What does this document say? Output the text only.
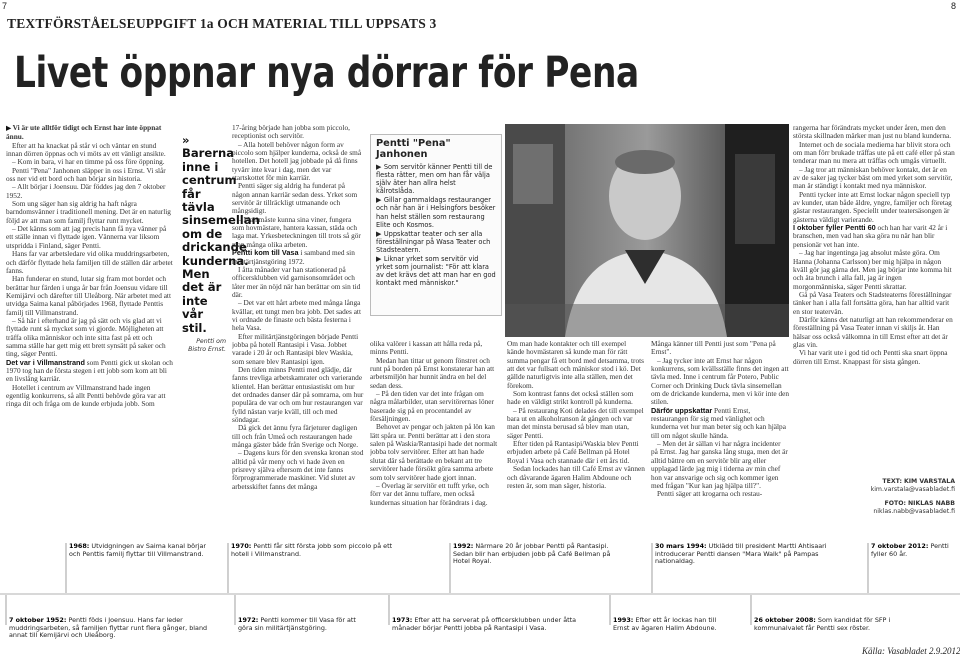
7	8
TEXTFÖRSTÅELSEUPPGIFT 1a OCH MATERIAL TILL UPPSATS 3
Livet öppnar nya dörrar för Pena

▶ Vi är ute alltför tidigt och Ernst har inte öppnat ännu.

Efter att ha knackat på står vi och väntar en stund innan dörren öppnas och vi möts av ett vänligt ansikte.

– Kom in bara, vi har en timme på oss före öppning.

Pentti "Pena" Janhonen släpper in oss i Ernst. Vi slår oss ner vid ett bord och han börjar sin historia.

– Allt börjar i Joensuu. Där föddes jag den 7 oktober 1952.

Som ung säger han sig aldrig ha haft några barndomsvänner i traditionell mening. Det är en naturlig följd av att man som familj flyttar runt mycket.

– Det känns som att jag precis hann få nya vänner på ett ställe innan vi flyttade igen. Vännerna var liksom utspridda i Finland, säger Pentti.

Hans far var arbetsledare vid olika muddringsarbeten, och därför flyttade hela familjen till de ställen där arbetet fanns.

Han funderar en stund, lutar sig fram mot bordet och berättar hur färden i unga år bar från Joensuu vidare till Kemijärvi och därefter till Uleåborg. När arbetet med att utvidga Saima kanal påbörjades 1968, flyttade Penttis familj till Villmanstrand.

– Så här i efterhand är jag på sätt och vis glad att vi flyttade runt så mycket som vi gjorde. Möjligheten att träffa olika människor och inte sitta fast på ett och samma ställe har gett mig ett brett synsätt på saker och ting, säger Pentti.

Det var i Villmanstrand som Pentti gick ut skolan och 1970 tog han de första stegen i ett jobb som kom att bli en livslång karriär.

Hotellet i centrum av Villmanstrand hade ingen egentlig konkurrens, så allt Pentti behövde göra var att ringa dit och fråga om de kunde erbjuda jobb. Som

» Barerna inne i centrum får tävla sinsemellan om de drickande kunderna. Men det är inte vår stil.
Pentti om Bistro Ernst.

17-åring började han jobba som piccolo, receptionist och servitör.

– Alla hotell behöver någon form av piccolo som hjälper kunderna, också de små hotellen. Det hotell jag jobbade på då finns tyvärr inte kvar i dag, men det var startskottet för min karriär.

Pentti säger sig aldrig ha funderat på någon annan karriär sedan dess. Yrket som servitör är tillräckligt utmanande och mångsidigt.

– Man måste kunna sina viner, fungera som hovmästare, hantera kassan, städa och laga mat. Yrkesbeteckningen till trots så gör man många olika arbeten.

Pentti kom till Vasa i samband med sin militärtjänstgöring 1972.

I åtta månader var han stationerad på officersklubben vid garnisonsområdet och låter mer än nöjd när han berättar om sin tid där.

– Det var ett hårt arbete med många långa kvällar, ett tungt men bra jobb. Det sades att vi ordnade de finaste och bästa festerna i hela Vasa.

Efter militärtjänstgöringen började Pentti jobba på hotell Rantasipi i Vasa. Jobbet varade i 20 år och Rantasipi blev Waskia, som senare blev Rantasipi igen.

Den tiden minns Pentti med glädje, där fanns trevliga arbetskamrater och varierande klientel. Han berättar entusiastiskt om hur det ordnades danser där på somrarna, om hur populära de var och om hur restaurangen var fylld nästan varje kväll, till och med söndagar.

Då gick det ännu fyra färjeturer dagligen till och från Umeå och restaurangen hade många gäster både från Sverige och Norge.

– Dagens kurs för den svenska kronan stod alltid på vår meny och vi hade även en prisrevy själva eftersom det inte fanns förprogrammerade maskiner. Vid slutet av arbetsskiftet fanns det många

Pentti "Pena" Janhonen
▶ Som servitör känner Pentti till de flesta rätter, men om han får välja själv äter han allra helst kålrotslåda.
▶ Gillar gammaldags restauranger och när han är i Helsingfors besöker han helst ställen som restaurang Elite och Kosmos.
▶ Uppskattar teater och ser alla föreställningar på Wasa Teater och Stadsteatern.
▶ Liknar yrket som servitör vid yrket som journalist: "För att klara av det krävs det att man har en god kontakt med människor."

olika valörer i kassan att hålla reda på, minns Pentti.

Medan han tittar ut genom fönstret och runt på borden på Ernst konstaterar han att arbetsmiljön har hunnit ändra en hel del sedan dess.

– På den tiden var det inte frågan om några målarbilder, utan servitörernas löner baserade sig på en procentandel av försäljningen.

Behovet av pengar och jakten på lön kan lätt spåra ur. Pentti berättar att i den stora salen på Waskia/Rantasipi hade det normalt jobba tolv servitörer. Efter att han hade slutat där så berättade en bekant att tre servitörer hade försökt göra samma arbete som tolv servitörer hade gjort innan.

– Överlag är servitör ett tufft yrke, och förr var det ännu tuffare, men också kundernas situation har förändrats i dag.

Om man hade kontakter och till exempel kände hovmästaren så kunde man för rätt summa pengar få ett bord med detsamma, trots att det var fullsatt och mäniskor stod i kö. Det gällde naturligtvis inte alla ställen, men det förekom.

Som kontrast fanns det också ställen som hade en väldigt strikt kontroll på kunderna.

– På restaurang Koti delades det till exempel bara ut en alkoholranson åt gången och var man det minsta berusad så blev man utan, säger Pentti.

Efter tiden på Rantasipi/Waskia blev Pentti erbjuden arbete på Café Bellman på Hotel Royal i Vasa och stannade där i ett års tid.

Sedan lockades han till Café Ernst av vännen och dåvarande ägaren Halim Abdoune och resten är, som man säger, historia.

Många känner till Pentti just som "Pena på Ernst".

– Jag tycker inte att Ernst har någon konkurrens, som kvällsställe finns det ingen att tävla med. Inne i centrum får Potero, Public Corner och Drinking Duck tävla sinsemellan om de drickande kunderna, men vi kör inte den stilen.

Därför uppskattar Pentti Ernst, restaurangen för sig med vänlighet och kunderna vet hur man beter sig och kan hjälpa till om något skulle hända.

– Men det är sällan vi har några incidenter på Ernst. Jag har ganska lång stuga, men det är alltid bättre om en servitör blir arg eller upplagad lärde jag mig i tiderna av min chef hon var ansvarige och sig och kommer igen med frågan "Kur kan jag hjälpa till?".

Pentti säger att krogarna och restau-

rangerna har förändrats mycket under åren, men den största skillnaden märker man just nu bland kunderna.

Internet och de sociala medierna har blivit stora och om man förr brukade träffas ute på ett café eller på stan tenderar man nu mera att träffas och umgås virtuellt.

– Jag tror att människan behöver kontakt, det är en av de saker jag tycker bäst om med yrket som servitör, man är ständigt i kontakt med nya människor.

Pentti tycker inte att Ernst lockar någon speciell typ av kunder, utan både äldre, yngre, familjer och företag gästar restaurangen. Speciellt under teatersäsongen är gästerna väldigt varierande.

I oktober fyller Pentti 60 och han har varit 42 år i branschen, men vad han ska göra nu när han blir pensionär vet han inte.

– Jag har ingentinga jag absolut måste göra. Om Hanna (Johanna Carlsson) ber mig hjälpa in någon kväll gör jag gärna det. Men jag börjar inte komma hit och äta brunch i alla fall, jag är ingen morgonmänniska, säger Pentti skrattar.

Gå på Vasa Teaters och Stadsteaterns föreställningar tänker han i alla fall fortsätta göra, han har alltid varit en stor teatervän.

Därför känns det naturligt att han rekommenderar en föreställning på Vasa Teater innan vi skiljs åt. Han hälsar oss också välkomna in till Ernst efter att det är glas vin.

Vi har varit ute i god tid och Pentti ska snart öppna dörren till Ernst. Knappast för sista gången.

TEXT: KIM VARSTALA
kim.varstala@vasabladet.fi
FOTO: NIKLAS NABB
niklas.nabb@vasabladet.fi
1968: Utvidgningen av Saima kanal börjar och Penttis familj flyttar till Villmanstrand.
1970: Pentti får sitt första jobb som piccolo på ett hotell i Villmanstrand.
1992: Närmare 20 år jobbar Pentti på Rantasipi. Sedan blir han erbjuden jobb på Café Bellman på Hotel Royal.
30 mars 1994: Utklädd till president Martti Ahtisaari introducerar Pentti dansen "Mara Walk" på Pampas nationaldag.
7 oktober 2012: Pentti fyller 60 år.
7 oktober 1952: Pentti föds i Joensuu. Hans far leder muddringsarbeten, så familjen flyttar runt flera gånger, bland annat till Kemijärvi och Uleåborg.
1972: Pentti kommer till Vasa för att göra sin militärtjänstgöring.
1973: Efter att ha serverat på officersklubben under åtta månader börjar Pentti jobba på Rantasipi i Vasa.
1993: Efter ett år lockas han till Ernst av ägaren Halim Abdoune.
26 oktober 2008: Som kandidat för SFP i kommunalvalet får Pentti sex röster.
Källa: Vasabladet 2.9.2012
